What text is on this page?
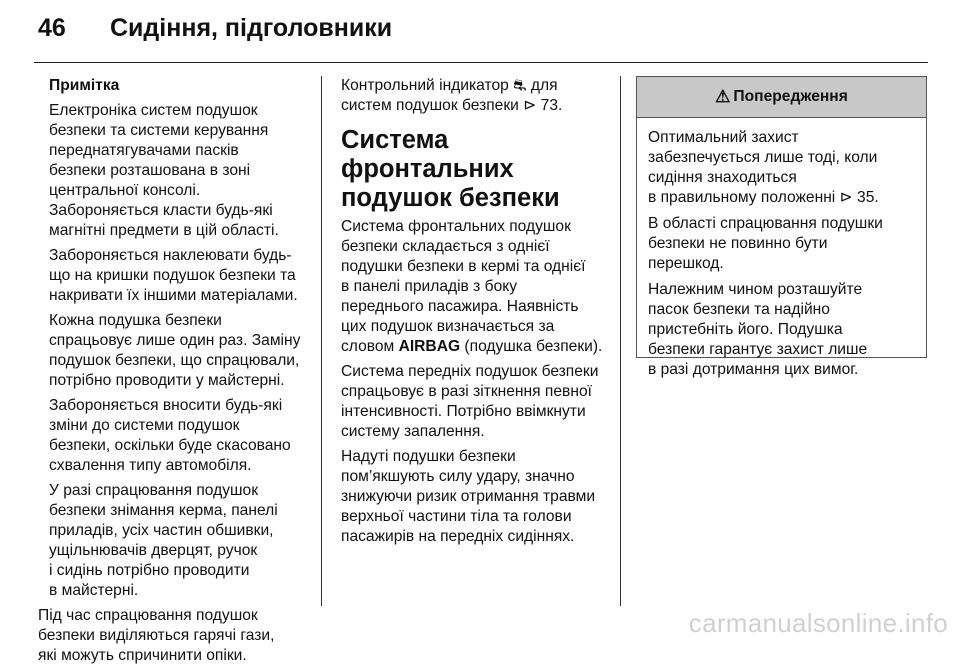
46	Сидіння, підголовники

Примітка

Електроніка систем подушок
безпеки та системи керування
переднатягувачами пасків
безпеки розташована в зоні
центральної консолі.
Забороняється класти будь-які
магнітні предмети в цій області.

Забороняється наклеювати будь-
що на кришки подушок безпеки та
накривати їх іншими матеріалами.

Кожна подушка безпеки
спрацьовує лише один раз. Заміну
подушок безпеки, що спрацювали,
потрібно проводити у майстерні.

Забороняється вносити будь-які
зміни до системи подушок
безпеки, оскільки буде скасовано
схвалення типу автомобіля.

У разі спрацювання подушок
безпеки знімання керма, панелі
приладів, усіх частин обшивки,
ущільнювачів дверцят, ручок
і сидінь потрібно проводити
в майстерні.

Під час спрацювання подушок
безпеки виділяються гарячі гази,
які можуть спричинити опіки.

Контрольний індикатор ⛐ для
систем подушок безпеки ⊳ 73.

Система фронтальних
подушок безпеки

Система фронтальних подушок
безпеки складається з однієї
подушки безпеки в кермі та однієї
в панелі приладів з боку
переднього пасажира. Наявність
цих подушок визначається за
словом AIRBAG (подушка безпеки).

Система передніх подушок безпеки
спрацьовує в разі зіткнення певної
інтенсивності. Потрібно ввімкнути
систему запалення.

Надуті подушки безпеки
пом’якшують силу удару, значно
знижуючи ризик отримання травми
верхньої частини тіла та голови
пасажирів на передніх сидіннях.

⚠ Попередження

Оптимальний захист
забезпечується лише тоді, коли
сидіння знаходиться
в правильному положенні ⊳ 35.

В області спрацювання подушки
безпеки не повинно бути
перешкод.

Належним чином розташуйте
пасок безпеки та надійно
пристебніть його. Подушка
безпеки гарантує захист лише
в разі дотримання цих вимог.

carmanualsonline.info
